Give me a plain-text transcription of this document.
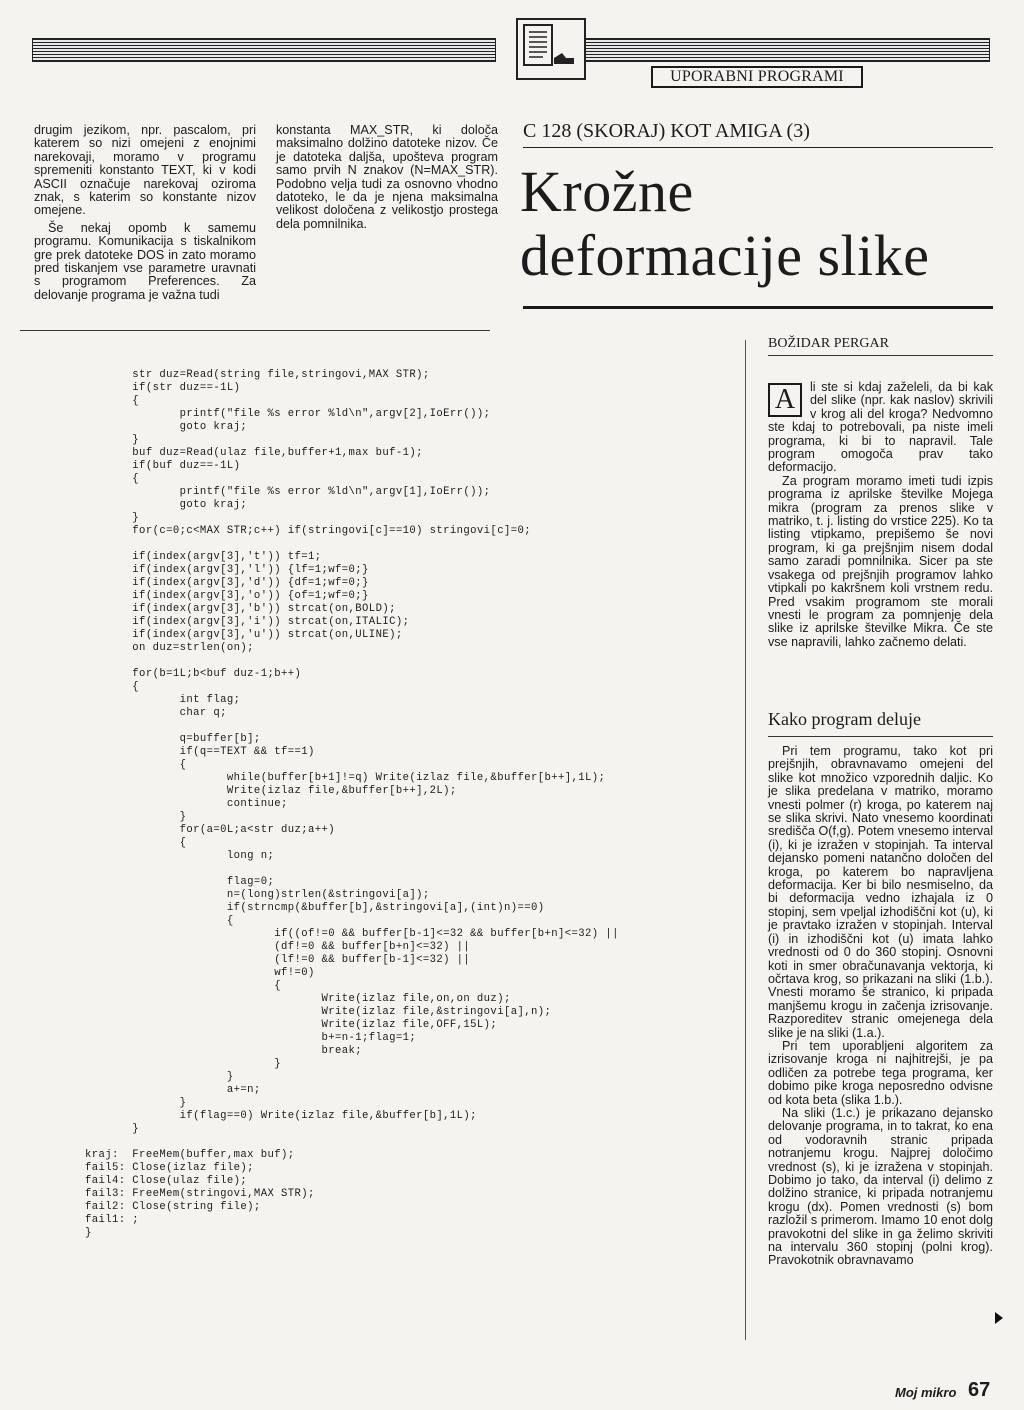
UPORABNI PROGRAMI

drugim jezikom, npr. pascalom, pri katerem so nizi omejeni z enojnimi narekovaji, moramo v programu spremeniti konstanto TEXT, ki v kodi ASCII označuje narekovaj oziroma znak, s katerim so konstante nizov omejene.

Še nekaj opomb k samemu programu. Komunikacija s tiskalnikom gre prek datoteke DOS in zato moramo pred tiskanjem vse parametre uravnati s programom Preferences. Za delovanje programa je važna tudi

konstanta MAX_STR, ki določa maksimalno dolžino datoteke nizov. Če je datoteka daljša, upošteva program samo prvih N znakov (N=MAX_STR). Podobno velja tudi za osnovno vhodno datoteko, le da je njena maksimalna velikost določena z velikostjo prostega dela pomnilnika.

C 128 (SKORAJ) KOT AMIGA (3)
Krožne
deformacije slike
BOŽIDAR PERGAR
A	li ste si kdaj zaželeli, da bi kak del slike (npr. kak naslov) skrivili v krog ali del kroga? Nedvomno ste kdaj to potrebovali, pa niste imeli programa, ki bi to napravil. Tale program omogoča prav tako deformacijo.

Za program moramo imeti tudi izpis programa iz aprilske številke Mojega mikra (program za prenos slike v matriko, t. j. listing do vrstice 225). Ko ta listing vtipkamo, prepišemo še novi program, ki ga prejšnjim nisem dodal samo zaradi pomnilnika. Sicer pa ste vsakega od prejšnjih programov lahko vtipkali po kakršnem koli vrstnem redu. Pred vsakim programom ste morali vnesti le program za pomnjenje dela slike iz aprilske številke Mikra. Če ste vse napravili, lahko začnemo delati.

Kako program deluje

Pri tem programu, tako kot pri prejšnjih, obravnavamo omejeni del slike kot množico vzporednih daljic. Ko je slika predelana v matriko, moramo vnesti polmer (r) kroga, po katerem naj se slika skrivi. Nato vnesemo koordinati središča O(f,g). Potem vnesemo interval (i), ki je izražen v stopinjah. Ta interval dejansko pomeni natančno določen del kroga, po katerem bo napravljena deformacija. Ker bi bilo nesmiselno, da bi deformacija vedno izhajala iz 0 stopinj, sem vpeljal izhodiščni kot (u), ki je pravtako izražen v stopinjah. Interval (i) in izhodiščni kot (u) imata lahko vrednosti od 0 do 360 stopinj. Osnovni koti in smer obračunavanja vektorja, ki očrtava krog, so prikazani na sliki (1.b.). Vnesti moramo še stranico, ki pripada manjšemu krogu in začenja izrisovanje. Razporeditev stranic omejenega dela slike je na sliki (1.a.).

Pri tem uporabljeni algoritem za izrisovanje kroga ni najhitrejši, je pa odličen za potrebe tega programa, ker dobimo pike kroga neposredno odvisne od kota beta (slika 1.b.).

Na sliki (1.c.) je prikazano dejansko delovanje programa, in to takrat, ko ena od vodoravnih stranic pripada notranjemu krogu. Najprej določimo vrednost (s), ki je izražena v stopinjah. Dobimo jo tako, da interval (i) delimo z dolžino stranice, ki pripada notranjemu krogu (dx). Pomen vrednosti (s) bom razložil s primerom. Imamo 10 enot dolg pravokotni del slike in ga želimo skriviti na intervalu 360 stopinj (polni krog). Pravokotnik obravnavamo

str duz=Read(string file,stringovi,MAX STR);
if(str duz==-1L)
{
printf("file %s error %ld\n",argv[2],IoErr());
goto kraj;
}
buf duz=Read(ulaz file,buffer+1,max buf-1);
if(buf duz==-1L)
{
printf("file %s error %ld\n",argv[1],IoErr());
goto kraj;
}
for(c=0;c<MAX STR;c++) if(stringovi[c]==10) stringovi[c]=0;
if(index(argv[3],'t')) tf=1;
if(index(argv[3],'l')) {lf=1;wf=0;}
if(index(argv[3],'d')) {df=1;wf=0;}
if(index(argv[3],'o')) {of=1;wf=0;}
if(index(argv[3],'b')) strcat(on,BOLD);
if(index(argv[3],'i')) strcat(on,ITALIC);
if(index(argv[3],'u')) strcat(on,ULINE);
on duz=strlen(on);
for(b=1L;b<buf duz-1;b++)
{
int flag;
char q;
q=buffer[b];
if(q==TEXT && tf==1)
{
while(buffer[b+1]!=q) Write(izlaz file,&buffer[b++],1L);
Write(izlaz file,&buffer[b++],2L);
continue;
}
for(a=0L;a<str duz;a++)
{
long n;
flag=0;
n=(long)strlen(&stringovi[a]);
if(strncmp(&buffer[b],&stringovi[a],(int)n)==0)
{
if((of!=0 && buffer[b-1]<=32 && buffer[b+n]<=32) ||
(df!=0 && buffer[b+n]<=32) ||
(lf!=0 && buffer[b-1]<=32) ||
wf!=0)
{
Write(izlaz file,on,on duz);
Write(izlaz file,&stringovi[a],n);
Write(izlaz file,OFF,15L);
b+=n-1;flag=1;
break;
}
}
a+=n;
}
if(flag==0) Write(izlaz file,&buffer[b],1L);
}
kraj:  FreeMem(buffer,max buf);
fail5: Close(izlaz file);
fail4: Close(ulaz file);
fail3: FreeMem(stringovi,MAX STR);
fail2: Close(string file);
fail1: ;
}
Moj mikro 67
